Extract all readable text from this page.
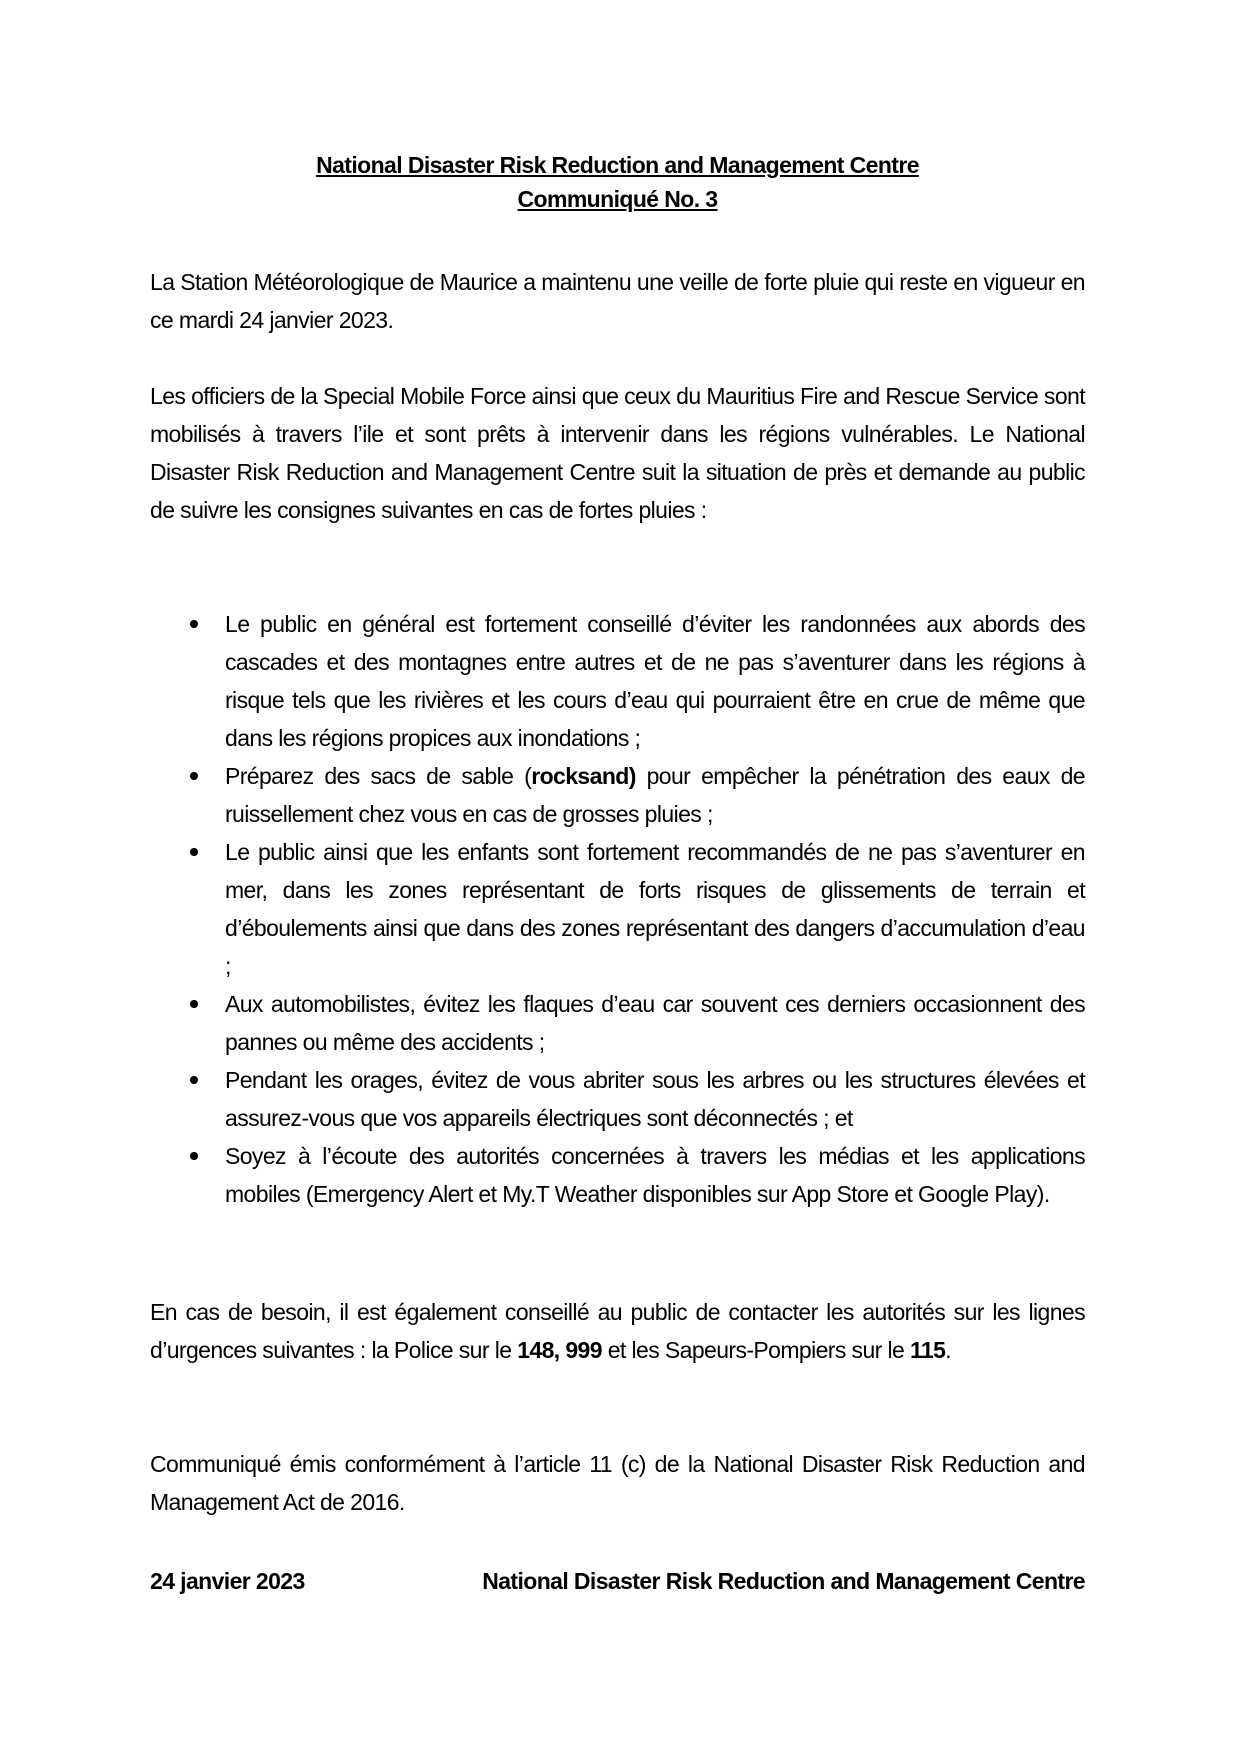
National Disaster Risk Reduction and Management Centre
Communiqué No. 3

La Station Météorologique de Maurice a maintenu une veille de forte pluie qui reste en vigueur en ce mardi 24 janvier 2023.

Les officiers de la Special Mobile Force ainsi que ceux du Mauritius Fire and Rescue Service sont mobilisés à travers l’ile et sont prêts à intervenir dans les régions vulnérables. Le National Disaster Risk Reduction and Management Centre suit la situation de près et demande au public de suivre les consignes suivantes en cas de fortes pluies :

Le public en général est fortement conseillé d’éviter les randonnées aux abords des cascades et des montagnes entre autres et de ne pas s’aventurer dans les régions à risque tels que les rivières et les cours d’eau qui pourraient être en crue de même que dans les régions propices aux inondations ;
Préparez des sacs de sable (rocksand) pour empêcher la pénétration des eaux de ruissellement chez vous en cas de grosses pluies ;
Le public ainsi que les enfants sont fortement recommandés de ne pas s’aventurer en mer, dans les zones représentant de forts risques de glissements de terrain et d’éboulements ainsi que dans des zones représentant des dangers d’accumulation d’eau ;
Aux automobilistes, évitez les flaques d’eau car souvent ces derniers occasionnent des pannes ou même des accidents ;
Pendant les orages, évitez de vous abriter sous les arbres ou les structures élevées et assurez-vous que vos appareils électriques sont déconnectés ; et
Soyez à l’écoute des autorités concernées à travers les médias et les applications mobiles (Emergency Alert et My.T Weather disponibles sur App Store et Google Play).

En cas de besoin, il est également conseillé au public de contacter les autorités sur les lignes d’urgences suivantes : la Police sur le 148, 999 et les Sapeurs-Pompiers sur le 115.

Communiqué émis conformément à l’article 11 (c) de la National Disaster Risk Reduction and Management Act de 2016.

24 janvier 2023	National Disaster Risk Reduction and Management Centre
